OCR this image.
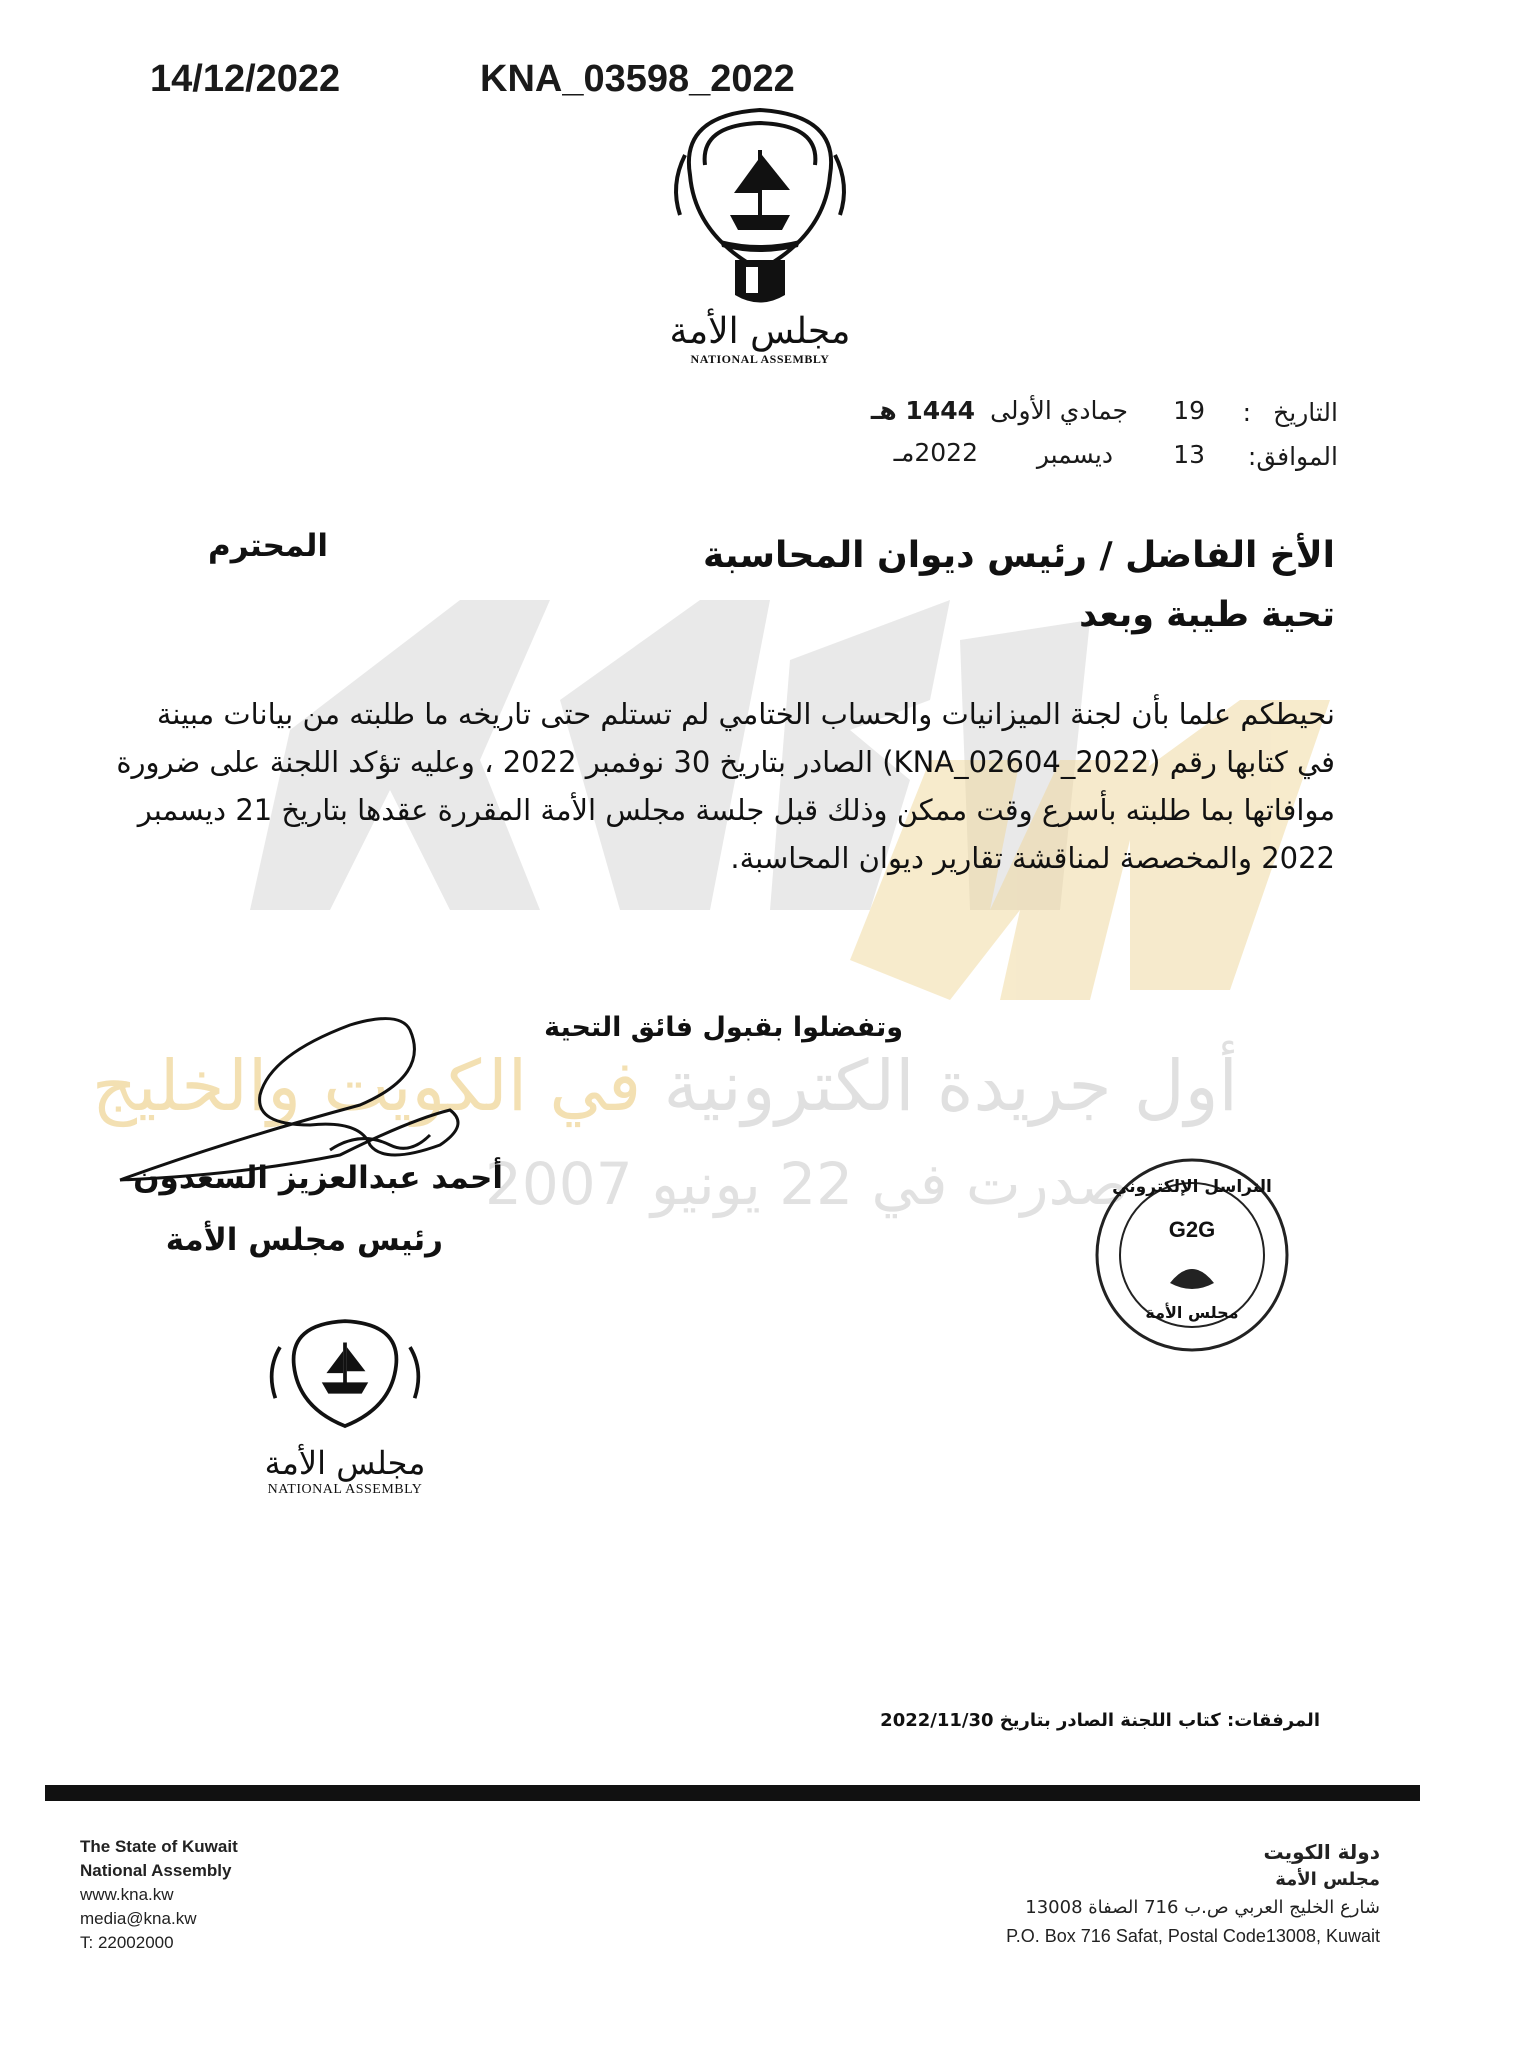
14/12/2022	KNA_03598_2022
مجلس الأمة
NATIONAL ASSEMBLY
التاريخ
:
19
جمادي الأولى
1444 هـ
الموافق:
13
ديسمبر
2022مـ
الأخ الفاضل / رئيس ديوان المحاسبة
المحترم
تحية طيبة وبعد
نحيطكم علما بأن لجنة الميزانيات والحساب الختامي لم تستلم حتى تاريخه ما طلبته من بيانات مبينة
في كتابها رقم (KNA_02604_2022) الصادر بتاريخ 30 نوفمبر 2022 ، وعليه تؤكد اللجنة على ضرورة
موافاتها بما طلبته بأسرع وقت ممكن وذلك قبل جلسة مجلس الأمة المقررة عقدها بتاريخ 21 ديسمبر
2022 والمخصصة لمناقشة تقارير ديوان المحاسبة.
أول جريدة الكترونية في الكويت والخليج
صدرت في 22 يونيو 2007
وتفضلوا بقبول فائق التحية
أحمد عبدالعزيز السعدون
رئيس مجلس الأمة
التراسل الإلكتروني
G2G
مجلس الأمة
مجلس الأمة
NATIONAL ASSEMBLY
المرفقات: كتاب اللجنة الصادر بتاريخ 2022/11/30
The State of Kuwait
National Assembly
www.kna.kw
media@kna.kw
T: 22002000
دولة الكويت
مجلس الأمة
شارع الخليج العربي ص.ب 716 الصفاة 13008
P.O. Box 716 Safat, Postal Code13008, Kuwait
